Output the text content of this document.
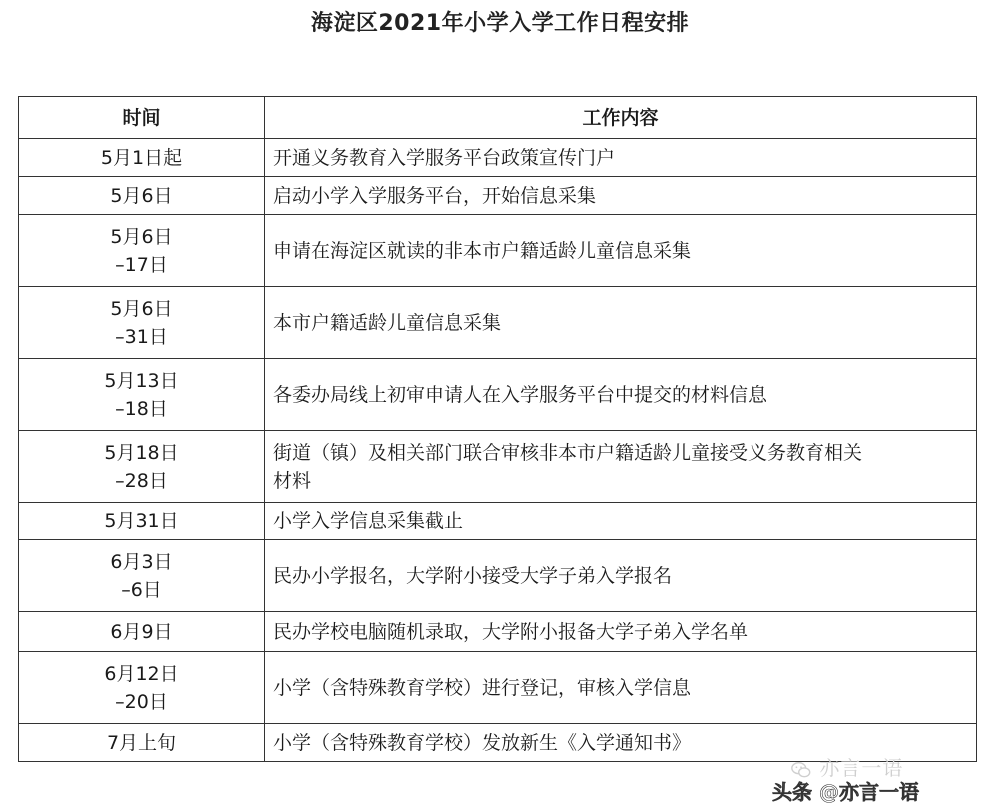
海淀区2021年小学入学工作日程安排
时间	工作内容

5月1日起	开通义务教育入学服务平台政策宣传门户

5月6日	启动小学入学服务平台，开始信息采集

5月6日
–17日	申请在海淀区就读的非本市户籍适龄儿童信息采集

5月6日
–31日	本市户籍适龄儿童信息采集

5月13日
–18日	各委办局线上初审申请人在入学服务平台中提交的材料信息

5月18日
–28日	街道（镇）及相关部门联合审核非本市户籍适龄儿童接受义务教育相关
材料

5月31日	小学入学信息采集截止

6月3日
–6日	民办小学报名，大学附小接受大学子弟入学报名

6月9日	民办学校电脑随机录取，大学附小报备大学子弟入学名单

6月12日
–20日	小学（含特殊教育学校）进行登记，审核入学信息

7月上旬	小学（含特殊教育学校）发放新生《入学通知书》
亦言一语
头条 @亦言一语
